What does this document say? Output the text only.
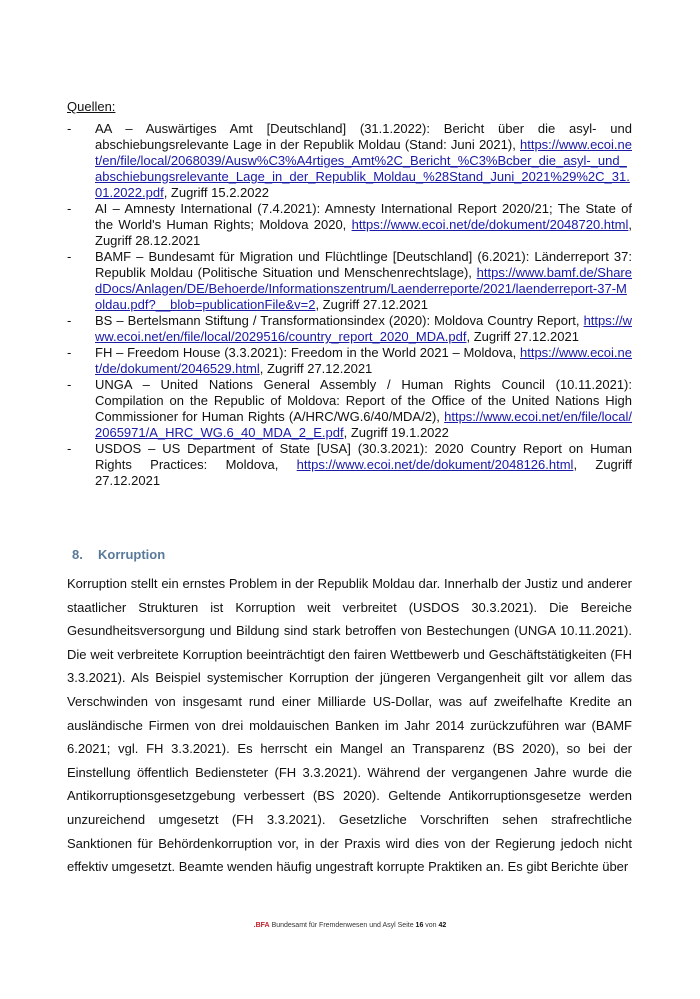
Quellen:
- AA – Auswärtiges Amt [Deutschland] (31.1.2022): Bericht über die asyl- und abschiebungsrelevante Lage in der Republik Moldau (Stand: Juni 2021), https://www.ecoi.net/en/file/local/2068039/Ausw%C3%A4rtiges_Amt%2C_Bericht_%C3%Bcber_die_asyl-_und_abschiebungsrelevante_Lage_in_der_Republik_Moldau_%28Stand_Juni_2021%29%2C_31.01.2022.pdf, Zugriff 15.2.2022
- AI – Amnesty International (7.4.2021): Amnesty International Report 2020/21; The State of the World's Human Rights; Moldova 2020, https://www.ecoi.net/de/dokument/2048720.html, Zugriff 28.12.2021
- BAMF – Bundesamt für Migration und Flüchtlinge [Deutschland] (6.2021): Länderreport 37: Republik Moldau (Politische Situation und Menschenrechtslage), https://www.bamf.de/SharedDocs/Anlagen/DE/Behoerde/Informationszentrum/Laenderreporte/2021/laenderreport-37-Moldau.pdf?__blob=publicationFile&v=2, Zugriff 27.12.2021
- BS – Bertelsmann Stiftung / Transformationsindex (2020): Moldova Country Report, https://www.ecoi.net/en/file/local/2029516/country_report_2020_MDA.pdf, Zugriff 27.12.2021
- FH – Freedom House (3.3.2021): Freedom in the World 2021 – Moldova, https://www.ecoi.net/de/dokument/2046529.html, Zugriff 27.12.2021
- UNGA – United Nations General Assembly / Human Rights Council (10.11.2021): Compilation on the Republic of Moldova: Report of the Office of the United Nations High Commissioner for Human Rights (A/HRC/WG.6/40/MDA/2), https://www.ecoi.net/en/file/local/2065971/A_HRC_WG.6_40_MDA_2_E.pdf, Zugriff 19.1.2022
- USDOS – US Department of State [USA] (30.3.2021): 2020 Country Report on Human Rights Practices: Moldova, https://www.ecoi.net/de/dokument/2048126.html, Zugriff 27.12.2021
8. Korruption

Korruption stellt ein ernstes Problem in der Republik Moldau dar. Innerhalb der Justiz und anderer staatlicher Strukturen ist Korruption weit verbreitet (USDOS 30.3.2021). Die Bereiche Gesundheitsversorgung und Bildung sind stark betroffen von Bestechungen (UNGA 10.11.2021). Die weit verbreitete Korruption beeinträchtigt den fairen Wettbewerb und Geschäftstätigkeiten (FH 3.3.2021). Als Beispiel systemischer Korruption der jüngeren Vergangenheit gilt vor allem das Verschwinden von insgesamt rund einer Milliarde US-Dollar, was auf zweifelhafte Kredite an ausländische Firmen von drei moldauischen Banken im Jahr 2014 zurückzuführen war (BAMF 6.2021; vgl. FH 3.3.2021). Es herrscht ein Mangel an Transparenz (BS 2020), so bei der Einstellung öffentlich Bediensteter (FH 3.3.2021). Während der vergangenen Jahre wurde die Antikorruptionsgesetzgebung verbessert (BS 2020). Geltende Antikorruptionsgesetze werden unzureichend umgesetzt (FH 3.3.2021). Gesetzliche Vorschriften sehen strafrechtliche Sanktionen für Behördenkorruption vor, in der Praxis wird dies von der Regierung jedoch nicht effektiv umgesetzt. Beamte wenden häufig ungestraft korrupte Praktiken an. Es gibt Berichte über

.BFA Bundesamt für Fremdenwesen und Asyl Seite 16 von 42
